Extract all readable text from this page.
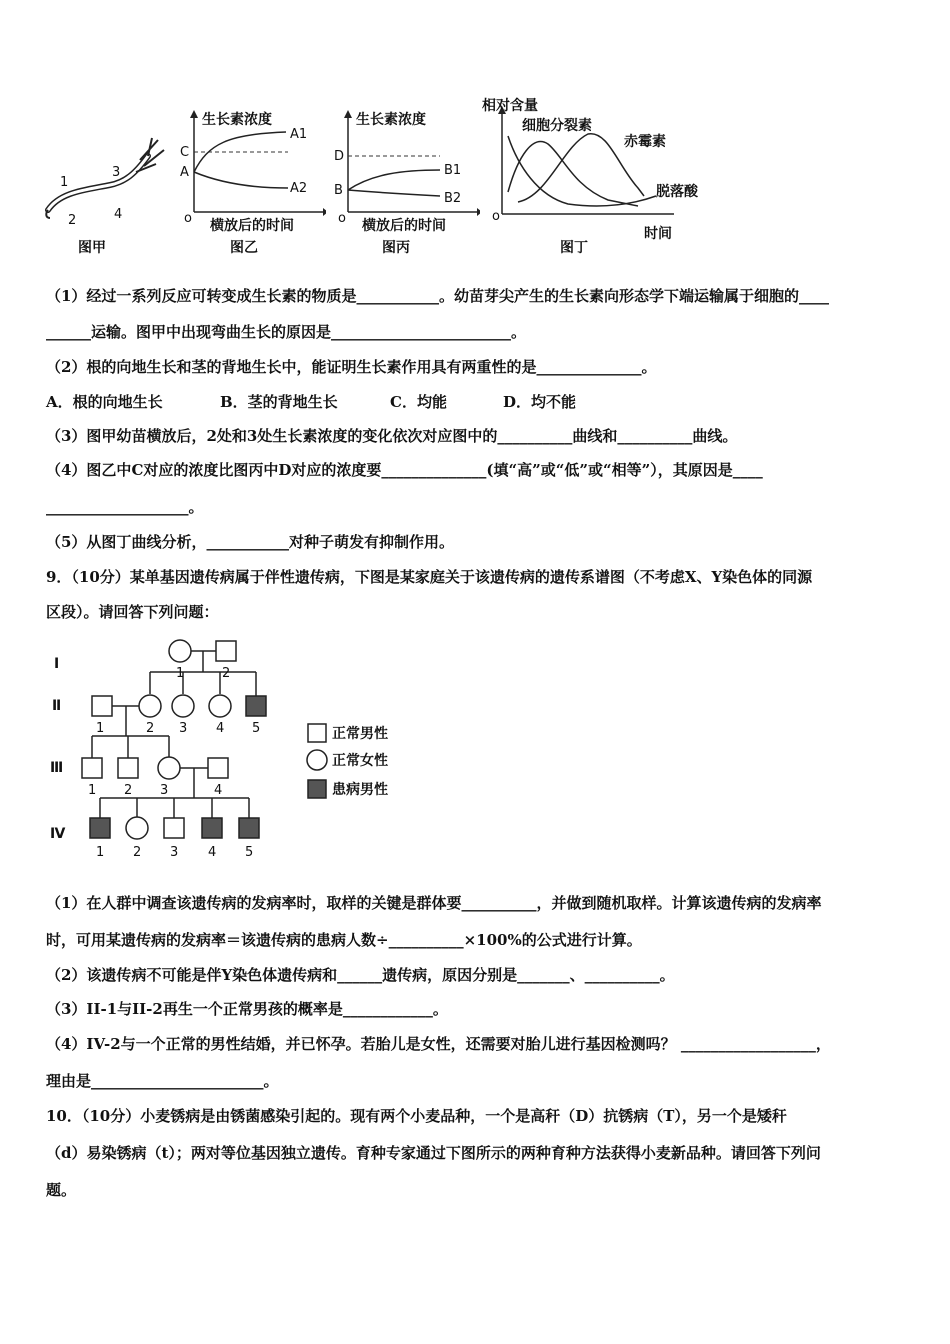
1
2
3
4
图甲
生长素浓度
C
A
A1
A2
o 横放后的时间
图乙
生长素浓度
D
B
B1
B2
o 横放后的时间
图丙
相对含量
细胞分裂素
赤霉素
脱落酸
o
图丁
时间
（1）经过一系列反应可转变成生长素的物质是___________。幼苗芽尖产生的生长素向形态学下端运输属于细胞的____
______运输。图甲中出现弯曲生长的原因是________________________。
（2）根的向地生长和茎的背地生长中，能证明生长素作用具有两重性的是______________。
A．根的向地生长	B．茎的背地生长	C．均能	D．均不能
（3）图甲幼苗横放后，2处和3处生长素浓度的变化依次对应图中的__________曲线和__________曲线。
（4）图乙中C对应的浓度比图丙中D对应的浓度要______________(填“高”或“低”或“相等”），其原因是____
___________________。
（5）从图丁曲线分析，___________对种子萌发有抑制作用。
9．（10分）某单基因遗传病属于伴性遗传病，下图是某家庭关于该遗传病的遗传系谱图（不考虑X、Y染色体的同源
区段）。请回答下列问题：
Ⅰ
Ⅱ
Ⅲ
Ⅳ
1	2
1	2 3 4 5
1 2 3	4
1 2 3 4 5
正常男性
正常女性
患病男性
（1）在人群中调查该遗传病的发病率时，取样的关键是群体要__________，并做到随机取样。计算该遗传病的发病率
时，可用某遗传病的发病率＝该遗传病的患病人数÷__________×100%的公式进行计算。
（2）该遗传病不可能是伴Y染色体遗传病和______遗传病，原因分别是_______、__________。
（3）II-1与II-2再生一个正常男孩的概率是____________。
（4）IV-2与一个正常的男性结婚，并已怀孕。若胎儿是女性，还需要对胎儿进行基因检测吗？ __________________，
理由是_______________________。
10．（10分）小麦锈病是由锈菌感染引起的。现有两个小麦品种，一个是高秆（D）抗锈病（T），另一个是矮秆
（d）易染锈病（t）；两对等位基因独立遗传。育种专家通过下图所示的两种育种方法获得小麦新品种。请回答下列问
题。
